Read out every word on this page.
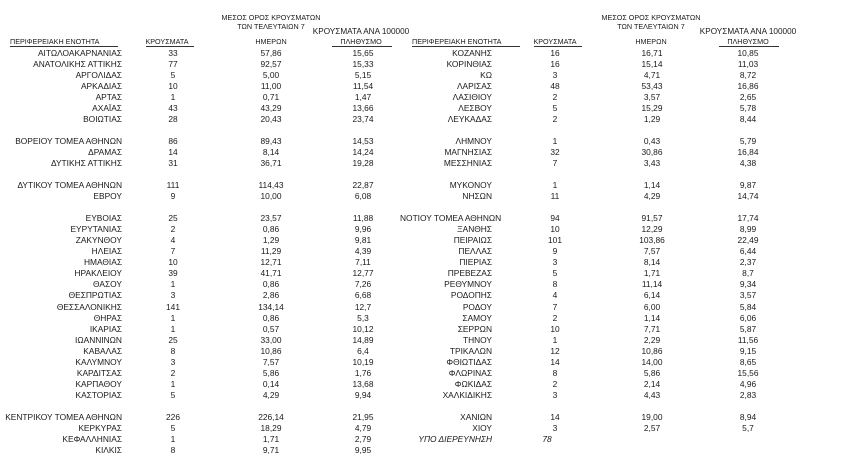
ΜΕΣΟΣ ΟΡΟΣ ΚΡΟΥΣΜΑΤΩΝ
ΤΩΝ ΤΕΛΕΥΤΑΙΩΝ 7
ΚΡΟΥΣΜΑΤΑ ΑΝΑ 100000
ΠΕΡΙΦΕΡΕΙΑΚΗ ΕΝΟΤΗΤΑ	ΚΡΟΥΣΜΑΤΑ	ΗΜΕΡΩΝ	ΠΛΗΘΥΣΜΟ
ΜΕΣΟΣ ΟΡΟΣ ΚΡΟΥΣΜΑΤΩΝ
ΤΩΝ ΤΕΛΕΥΤΑΙΩΝ 7
ΚΡΟΥΣΜΑΤΑ ΑΝΑ 100000
ΠΕΡΙΦΕΡΕΙΑΚΗ ΕΝΟΤΗΤΑ	ΚΡΟΥΣΜΑΤΑ	ΗΜΕΡΩΝ	ΠΛΗΘΥΣΜΟ
ΑΙΤΩΛΟΑΚΑΡΝΑΝΙΑΣ	33	57,86	15,65
ΑΝΑΤΟΛΙΚΗΣ ΑΤΤΙΚΗΣ	77	92,57	15,33
ΑΡΓΟΛΙΔΑΣ	5	5,00	5,15
ΑΡΚΑΔΙΑΣ	10	11,00	11,54
ΑΡΤΑΣ	1	0,71	1,47
ΑΧΑΪΑΣ	43	43,29	13,66
ΒΟΙΩΤΙΑΣ	28	20,43	23,74
ΒΟΡΕΙΟΥ ΤΟΜΕΑ ΑΘΗΝΩΝ	86	89,43	14,53
ΔΡΑΜΑΣ	14	8,14	14,24
ΔΥΤΙΚΗΣ ΑΤΤΙΚΗΣ	31	36,71	19,28
ΔΥΤΙΚΟΥ ΤΟΜΕΑ ΑΘΗΝΩΝ	111	114,43	22,87
ΕΒΡΟΥ	9	10,00	6,08
ΕΥΒΟΙΑΣ	25	23,57	11,88
ΕΥΡΥΤΑΝΙΑΣ	2	0,86	9,96
ΖΑΚΥΝΘΟΥ	4	1,29	9,81
ΗΛΕΙΑΣ	7	11,29	4,39
ΗΜΑΘΙΑΣ	10	12,71	7,11
ΗΡΑΚΛΕΙΟΥ	39	41,71	12,77
ΘΑΣΟΥ	1	0,86	7,26
ΘΕΣΠΡΩΤΙΑΣ	3	2,86	6,68
ΘΕΣΣΑΛΟΝΙΚΗΣ	141	134,14	12,7
ΘΗΡΑΣ	1	0,86	5,3
ΙΚΑΡΙΑΣ	1	0,57	10,12
ΙΩΑΝΝΙΝΩΝ	25	33,00	14,89
ΚΑΒΑΛΑΣ	8	10,86	6,4
ΚΑΛΥΜΝΟΥ	3	7,57	10,19
ΚΑΡΔΙΤΣΑΣ	2	5,86	1,76
ΚΑΡΠΑΘΟΥ	1	0,14	13,68
ΚΑΣΤΟΡΙΑΣ	5	4,29	9,94
ΚΕΝΤΡΙΚΟΥ ΤΟΜΕΑ ΑΘΗΝΩΝ	226	226,14	21,95
ΚΕΡΚΥΡΑΣ	5	18,29	4,79
ΚΕΦΑΛΛΗΝΙΑΣ	1	1,71	2,79
ΚΙΛΚΙΣ	8	9,71	9,95
ΚΟΖΑΝΗΣ	16	16,71	10,85
ΚΟΡΙΝΘΙΑΣ	16	15,14	11,03
ΚΩ	3	4,71	8,72
ΛΑΡΙΣΑΣ	48	53,43	16,86
ΛΑΣΙΘΙΟΥ	2	3,57	2,65
ΛΕΣΒΟΥ	5	15,29	5,78
ΛΕΥΚΑΔΑΣ	2	1,29	8,44
ΛΗΜΝΟΥ	1	0,43	5,79
ΜΑΓΝΗΣΙΑΣ	32	30,86	16,84
ΜΕΣΣΗΝΙΑΣ	7	3,43	4,38
ΜΥΚΟΝΟΥ	1	1,14	9,87
ΝΗΣΩΝ	11	4,29	14,74
ΝΟΤΙΟΥ ΤΟΜΕΑ ΑΘΗΝΩΝ	94	91,57	17,74
ΞΑΝΘΗΣ	10	12,29	8,99
ΠΕΙΡΑΙΩΣ	101	103,86	22,49
ΠΕΛΛΑΣ	9	7,57	6,44
ΠΙΕΡΙΑΣ	3	8,14	2,37
ΠΡΕΒΕΖΑΣ	5	1,71	8,7
ΡΕΘΥΜΝΟΥ	8	11,14	9,34
ΡΟΔΟΠΗΣ	4	6,14	3,57
ΡΟΔΟΥ	7	6,00	5,84
ΣΑΜΟΥ	2	1,14	6,06
ΣΕΡΡΩΝ	10	7,71	5,87
ΤΗΝΟΥ	1	2,29	11,56
ΤΡΙΚΑΛΩΝ	12	10,86	9,15
ΦΘΙΩΤΙΔΑΣ	14	14,00	8,65
ΦΛΩΡΙΝΑΣ	8	5,86	15,56
ΦΩΚΙΔΑΣ	2	2,14	4,96
ΧΑΛΚΙΔΙΚΗΣ	3	4,43	2,83
ΧΑΝΙΩΝ	14	19,00	8,94
ΧΙΟΥ	3	2,57	5,7
ΥΠΟ ΔΙΕΡΕΥΝΗΣΗ	78
